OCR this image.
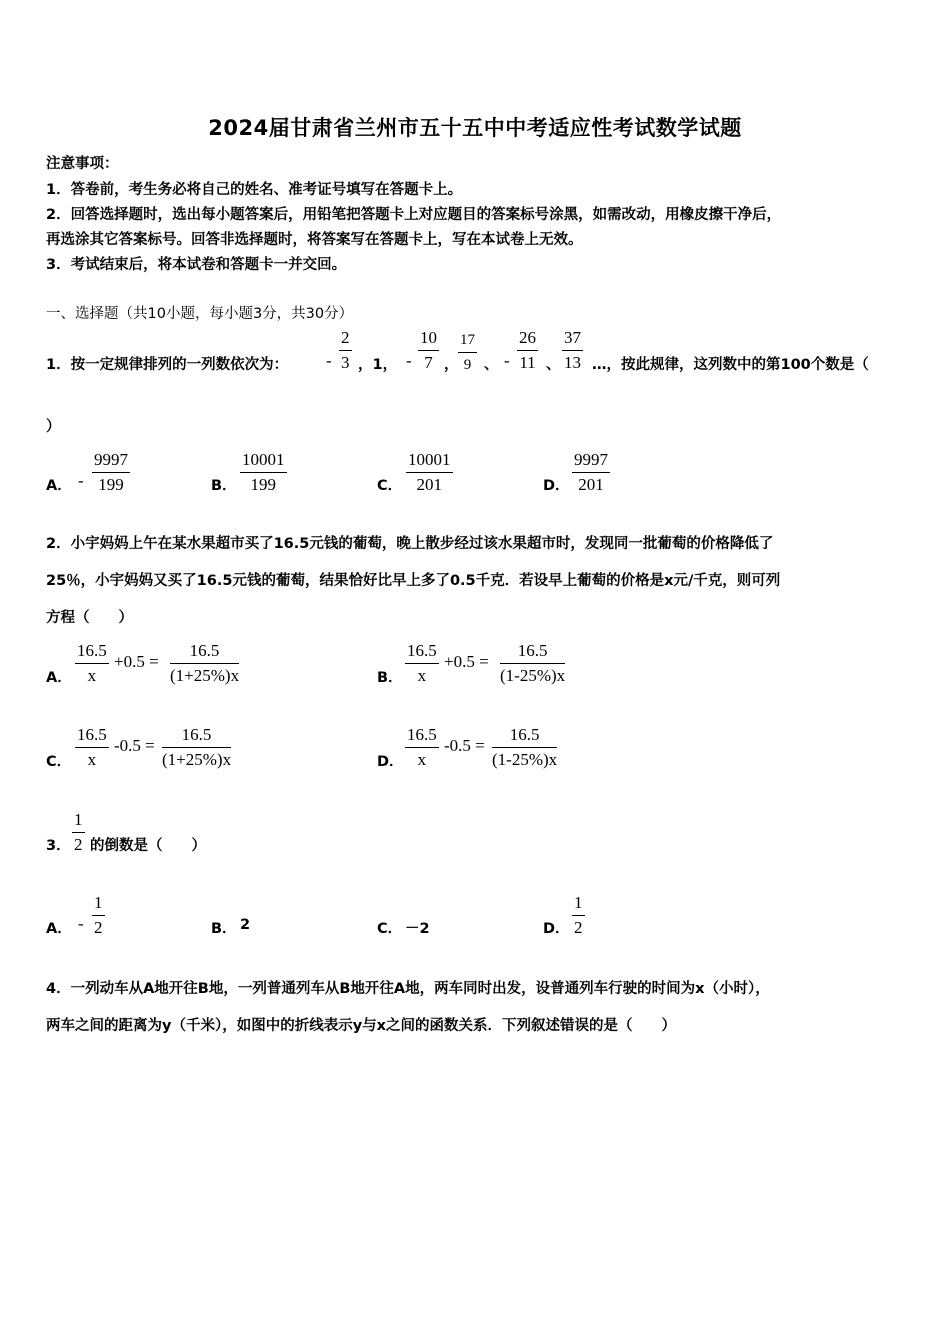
2024届甘肃省兰州市五十五中中考适应性考试数学试题
注意事项：
1．答卷前，考生务必将自己的姓名、准考证号填写在答题卡上。
2．回答选择题时，选出每小题答案后，用铅笔把答题卡上对应题目的答案标号涂黑，如需改动，用橡皮擦干净后，
再选涂其它答案标号。回答非选择题时，将答案写在答题卡上，写在本试卷上无效。
3．考试结束后，将本试卷和答题卡一并交回。
一、选择题（共10小题，每小题3分，共30分）
1．按一定规律排列的一列数依次为： - $\frac{2}{3}$ ，1， - $\frac{10}{7}$ ， $\frac{17}{9}$ 、 - $\frac{26}{11}$ 、 $\frac{37}{13}$ …，按此规律，这列数中的第100个数是（
）
A． - $\frac{9997}{199}$	B． $\frac{10001}{199}$	C． $\frac{10001}{201}$	D． $\frac{9997}{201}$
2．小宇妈妈上午在某水果超市买了16.5元钱的葡萄，晚上散步经过该水果超市时，发现同一批葡萄的价格降低了
25％，小宇妈妈又买了16.5元钱的葡萄，结果恰好比早上多了0.5千克．若设早上葡萄的价格是x元/千克，则可列
方程（　　）
A． $\frac{16.5}{x} +0.5 = \frac{16.5}{(1+25\%)x}$	B． $\frac{16.5}{x} +0.5 = \frac{16.5}{(1-25\%)x}$
C． $\frac{16.5}{x} -0.5 = \frac{16.5}{(1+25\%)x}$	D． $\frac{16.5}{x} -0.5 = \frac{16.5}{(1-25\%)x}$
3． $\frac{1}{2}$ 的倒数是（　　）
A． - $\frac{1}{2}$	B． 2	C． －2	D． $\frac{1}{2}$
4．一列动车从A地开往B地，一列普通列车从B地开往A地，两车同时出发，设普通列车行驶的时间为x（小时），
两车之间的距离为y（千米），如图中的折线表示y与x之间的函数关系．下列叙述错误的是（　　）
